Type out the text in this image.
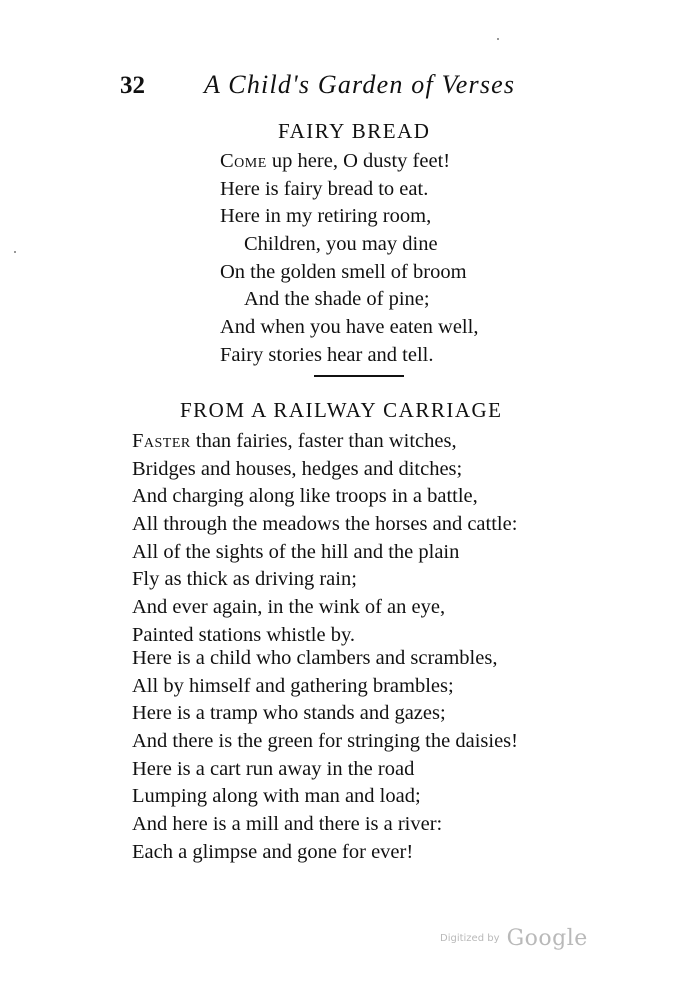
32 A Child's Garden of Verses
FAIRY BREAD
Come up here, O dusty feet!
Here is fairy bread to eat.
Here in my retiring room,
Children, you may dine
On the golden smell of broom
And the shade of pine;
And when you have eaten well,
Fairy stories hear and tell.
FROM A RAILWAY CARRIAGE
Faster than fairies, faster than witches,
Bridges and houses, hedges and ditches;
And charging along like troops in a battle,
All through the meadows the horses and cattle:
All of the sights of the hill and the plain
Fly as thick as driving rain;
And ever again, in the wink of an eye,
Painted stations whistle by.
Here is a child who clambers and scrambles,
All by himself and gathering brambles;
Here is a tramp who stands and gazes;
And there is the green for stringing the daisies!
Here is a cart run away in the road
Lumping along with man and load;
And here is a mill and there is a river:
Each a glimpse and gone for ever!
Digitized by Google
